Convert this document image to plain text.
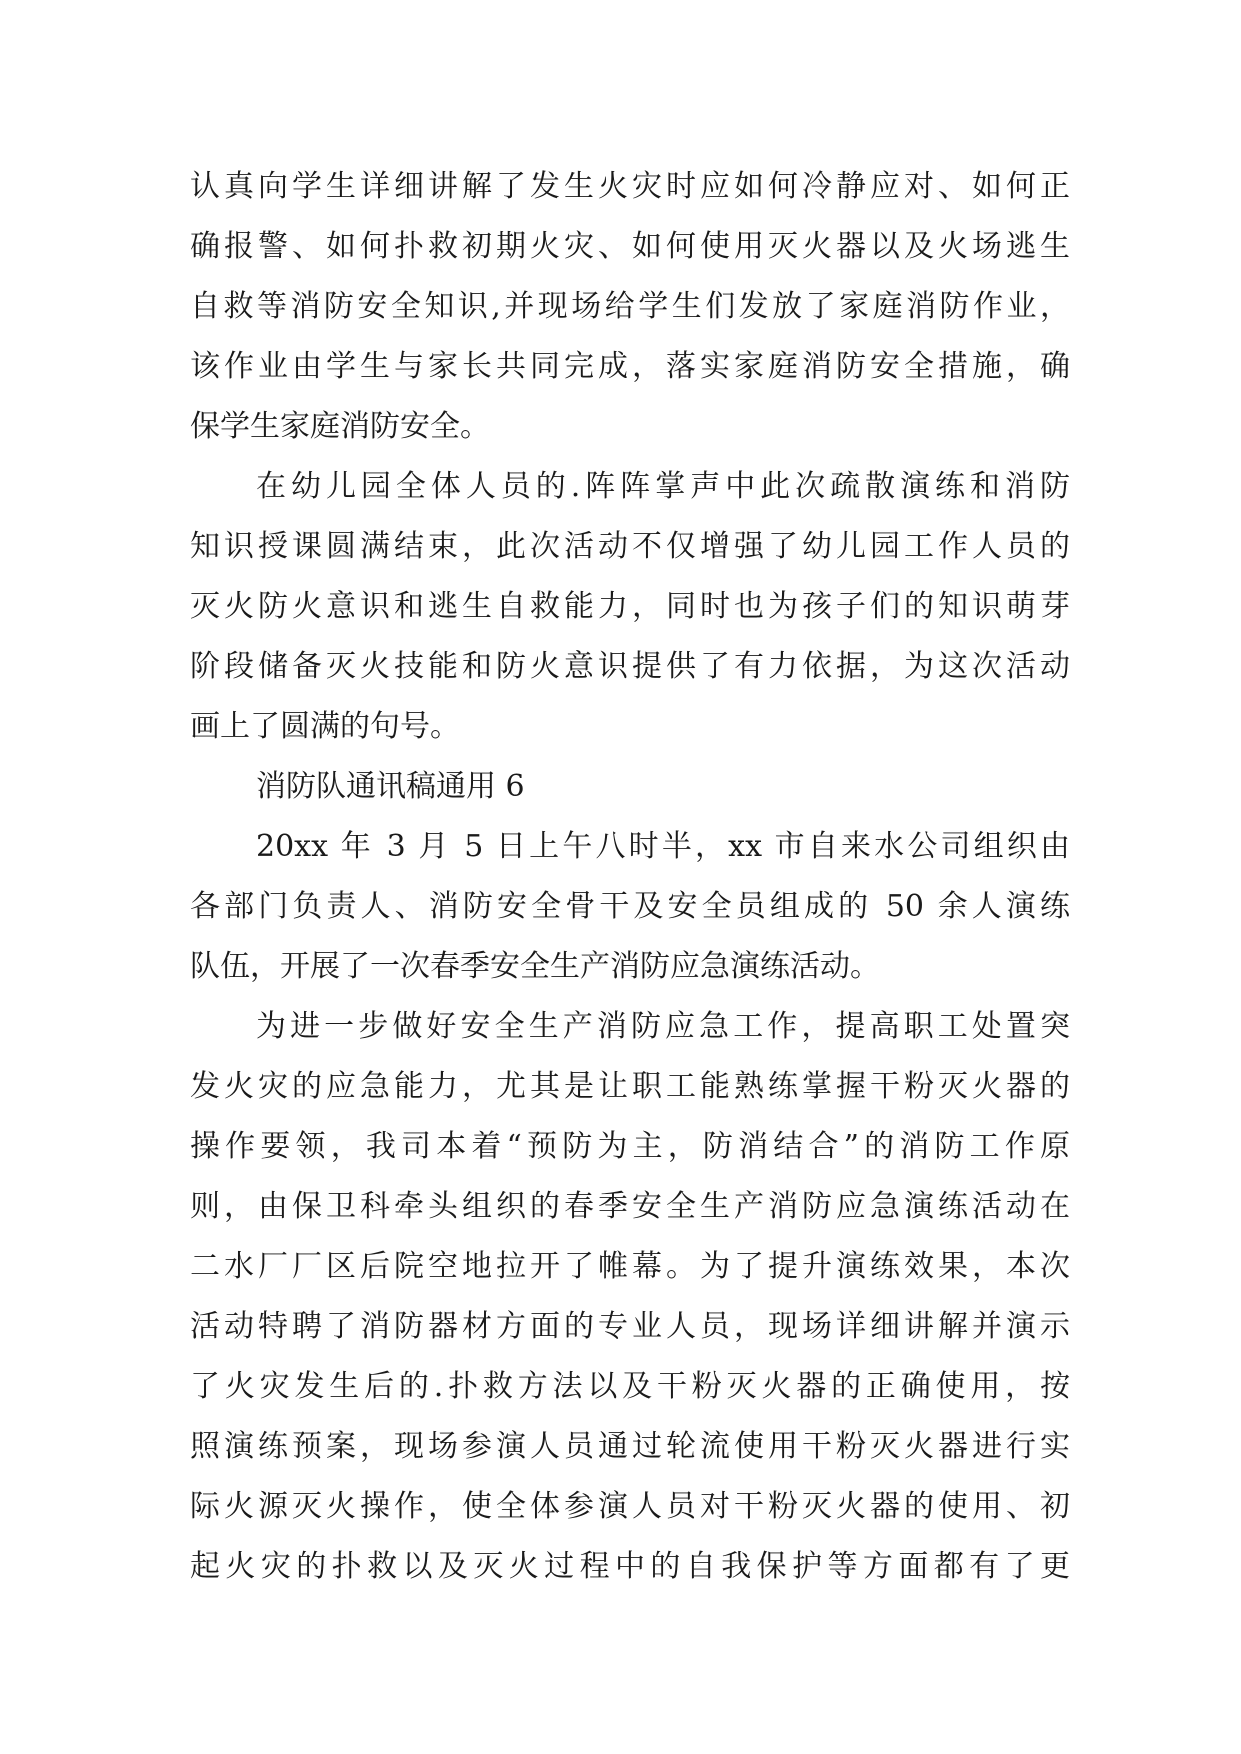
认真向学生详细讲解了发生火灾时应如何冷静应对、如何正
确报警、如何扑救初期火灾、如何使用灭火器以及火场逃生
自救等消防安全知识,并现场给学生们发放了家庭消防作业，
该作业由学生与家长共同完成，落实家庭消防安全措施，确
保学生家庭消防安全。
在幼儿园全体人员的.阵阵掌声中此次疏散演练和消防
知识授课圆满结束，此次活动不仅增强了幼儿园工作人员的
灭火防火意识和逃生自救能力，同时也为孩子们的知识萌芽
阶段储备灭火技能和防火意识提供了有力依据，为这次活动
画上了圆满的句号。
消防队通讯稿通用 6
20xx 年 3 月 5 日上午八时半，xx 市自来水公司组织由
各部门负责人、消防安全骨干及安全员组成的 50 余人演练
队伍，开展了一次春季安全生产消防应急演练活动。
为进一步做好安全生产消防应急工作，提高职工处置突
发火灾的应急能力，尤其是让职工能熟练掌握干粉灭火器的
操作要领，我司本着“预防为主，防消结合”的消防工作原
则，由保卫科牵头组织的春季安全生产消防应急演练活动在
二水厂厂区后院空地拉开了帷幕。为了提升演练效果，本次
活动特聘了消防器材方面的专业人员，现场详细讲解并演示
了火灾发生后的.扑救方法以及干粉灭火器的正确使用，按
照演练预案，现场参演人员通过轮流使用干粉灭火器进行实
际火源灭火操作，使全体参演人员对干粉灭火器的使用、初
起火灾的扑救以及灭火过程中的自我保护等方面都有了更
